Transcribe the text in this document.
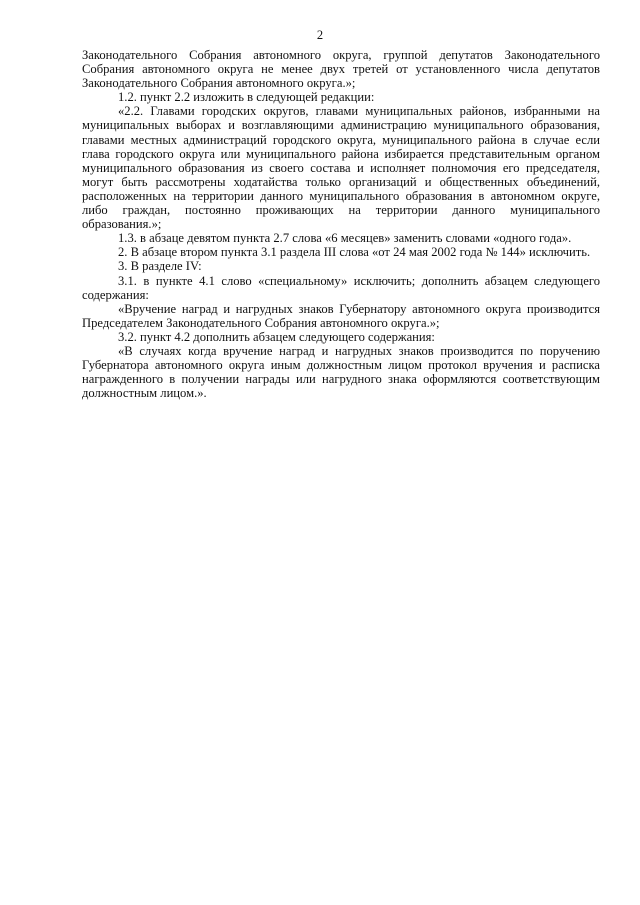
2

Законодательного Собрания автономного округа, группой депутатов Законодательного Собрания автономного округа не менее двух третей от установленного числа депутатов Законодательного Собрания автономного округа.»;

1.2. пункт 2.2 изложить в следующей редакции:

«2.2. Главами городских округов, главами муниципальных районов, избранными на муниципальных выборах и возглавляющими администрацию муниципального образования, главами местных администраций городского округа, муниципального района в случае если глава городского округа или муниципального района избирается представительным органом муниципального образования из своего состава и исполняет полномочия его председателя, могут быть рассмотрены ходатайства только организаций и общественных объединений, расположенных на территории данного муниципального образования в автономном округе, либо граждан, постоянно проживающих на территории данного муниципального образования.»;

1.3. в абзаце девятом пункта 2.7 слова «6 месяцев» заменить словами «одного года».

2. В абзаце втором пункта 3.1 раздела III слова «от 24 мая 2002 года № 144» исключить.

3. В разделе IV:

3.1. в пункте 4.1 слово «специальному» исключить; дополнить абзацем следующего содержания:

«Вручение наград и нагрудных знаков Губернатору автономного округа производится Председателем Законодательного Собрания автономного округа.»;

3.2. пункт 4.2 дополнить абзацем следующего содержания:

«В случаях когда вручение наград и нагрудных знаков производится по поручению Губернатора автономного округа иным должностным лицом протокол вручения и расписка награжденного в получении награды или нагрудного знака оформляются соответствующим должностным лицом.».
